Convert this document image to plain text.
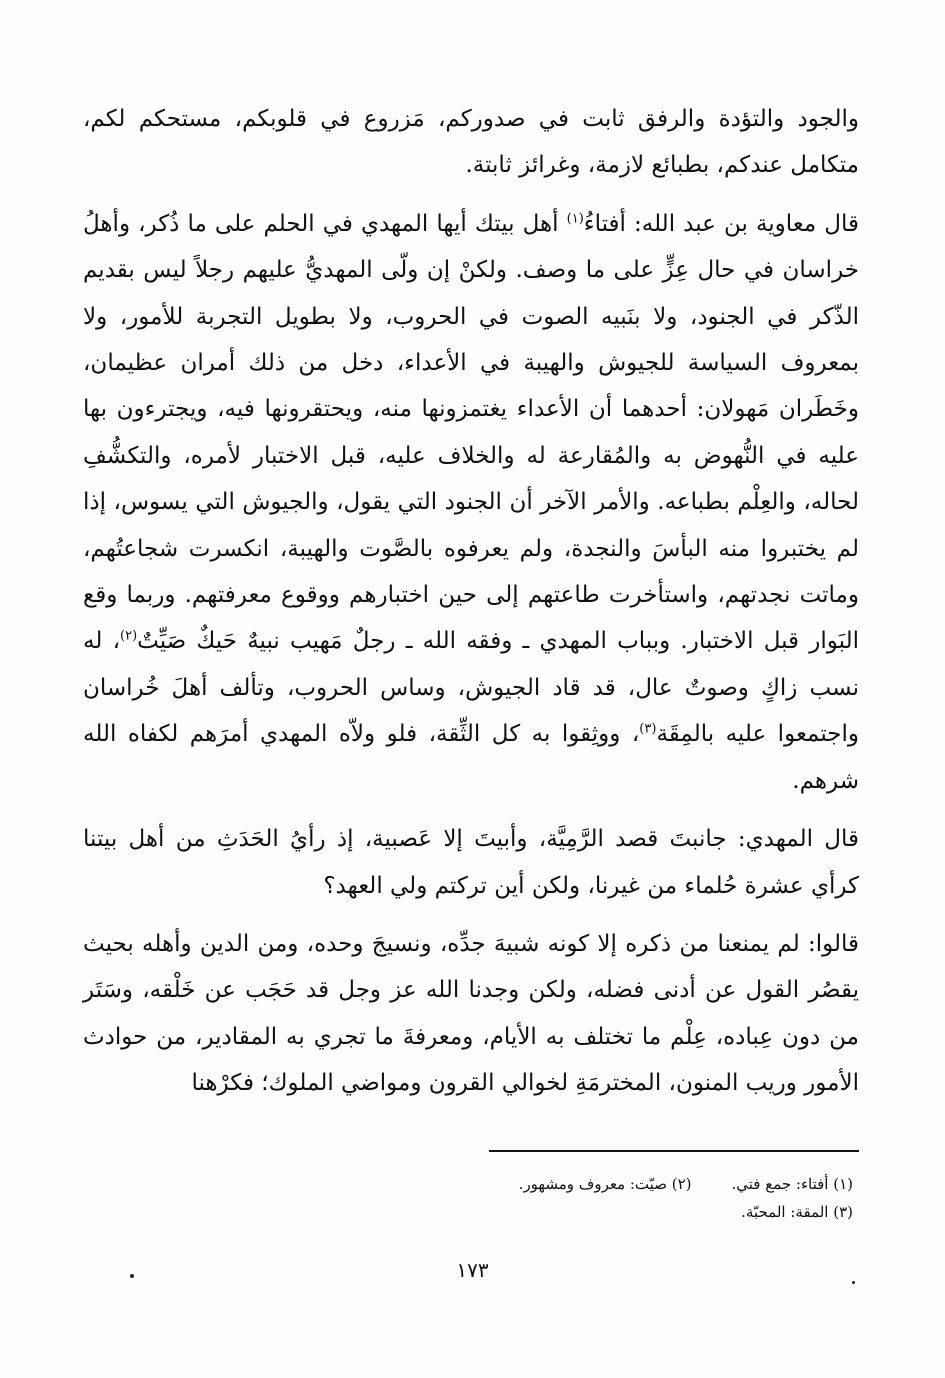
والجود والتؤدة والرفق ثابت في صدوركم، مَزروع في قلوبكم، مستحكم لكم، متكامل عندكم، بطبائع لازمة، وغرائز ثابتة.

قال معاوية بن عبد الله: أفتاءُ$^{(١)}$ أهل بيتك أيها المهدي في الحلم على ما ذُكر، وأهلُ خراسان في حال عِزٍّ على ما وصف. ولكنْ إن ولّى المهديُّ عليهم رجلاً ليس بقديم الذّكر في الجنود، ولا بنَبيه الصوت في الحروب، ولا بطويل التجربة للأمور، ولا بمعروف السياسة للجيوش والهيبة في الأعداء، دخل من ذلك أمران عظيمان، وخَطَران مَهولان: أحدهما أن الأعداء يغتمزونها منه، ويحتقرونها فيه، ويجترءون بها عليه في النُّهوض به والمُقارعة له والخلاف عليه، قبل الاختبار لأمره، والتكشُّفِ لحاله، والعِلْم بطباعه. والأمر الآخر أن الجنود التي يقول، والجيوش التي يسوس، إذا لم يختبروا منه البأسَ والنجدة، ولم يعرفوه بالصَّوت والهيبة، انكسرت شجاعتُهم، وماتت نجدتهم، واستأخرت طاعتهم إلى حين اختبارهم ووقوع معرفتهم. وربما وقع البَوار قبل الاختبار. وبباب المهدي ـ وفقه الله ـ رجلٌ مَهيب نبيهٌ حَيكٌ صَيِّتٌ$^{(٢)}$، له نسب زاكٍ وصوتٌ عال، قد قاد الجيوش، وساس الحروب، وتألف أهلَ خُراسان واجتمعوا عليه بالمِقَة$^{(٣)}$، ووثِقوا به كل الثِّقة، فلو ولاّه المهدي أمرَهم لكفاه الله شرهم.

قال المهدي: جانبتَ قصد الرَّمِيَّة، وأبيتَ إلا عَصبية، إذ رأيُ الحَدَثِ من أهل بيتنا كرأي عشرة حُلماء من غيرنا، ولكن أين تركتم ولي العهد؟

قالوا: لم يمنعنا من ذكره إلا كونه شبيهَ جدِّه، ونسيجَ وحده، ومن الدين وأهله بحيث يقصُر القول عن أدنى فضله، ولكن وجدنا الله عز وجل قد حَجَب عن خَلْقه، وسَتَر من دون عِباده، عِلْم ما تختلف به الأيام، ومعرفةَ ما تجري به المقادير، من حوادث الأمور وريب المنون، المخترمَةِ لخوالي القرون ومواضي الملوك؛ فكرْهنا

(١) أفتاء: جمع فتي.
(٢) صيّت: معروف ومشهور.
(٣) المقة: المحبّة.
١٧٣
